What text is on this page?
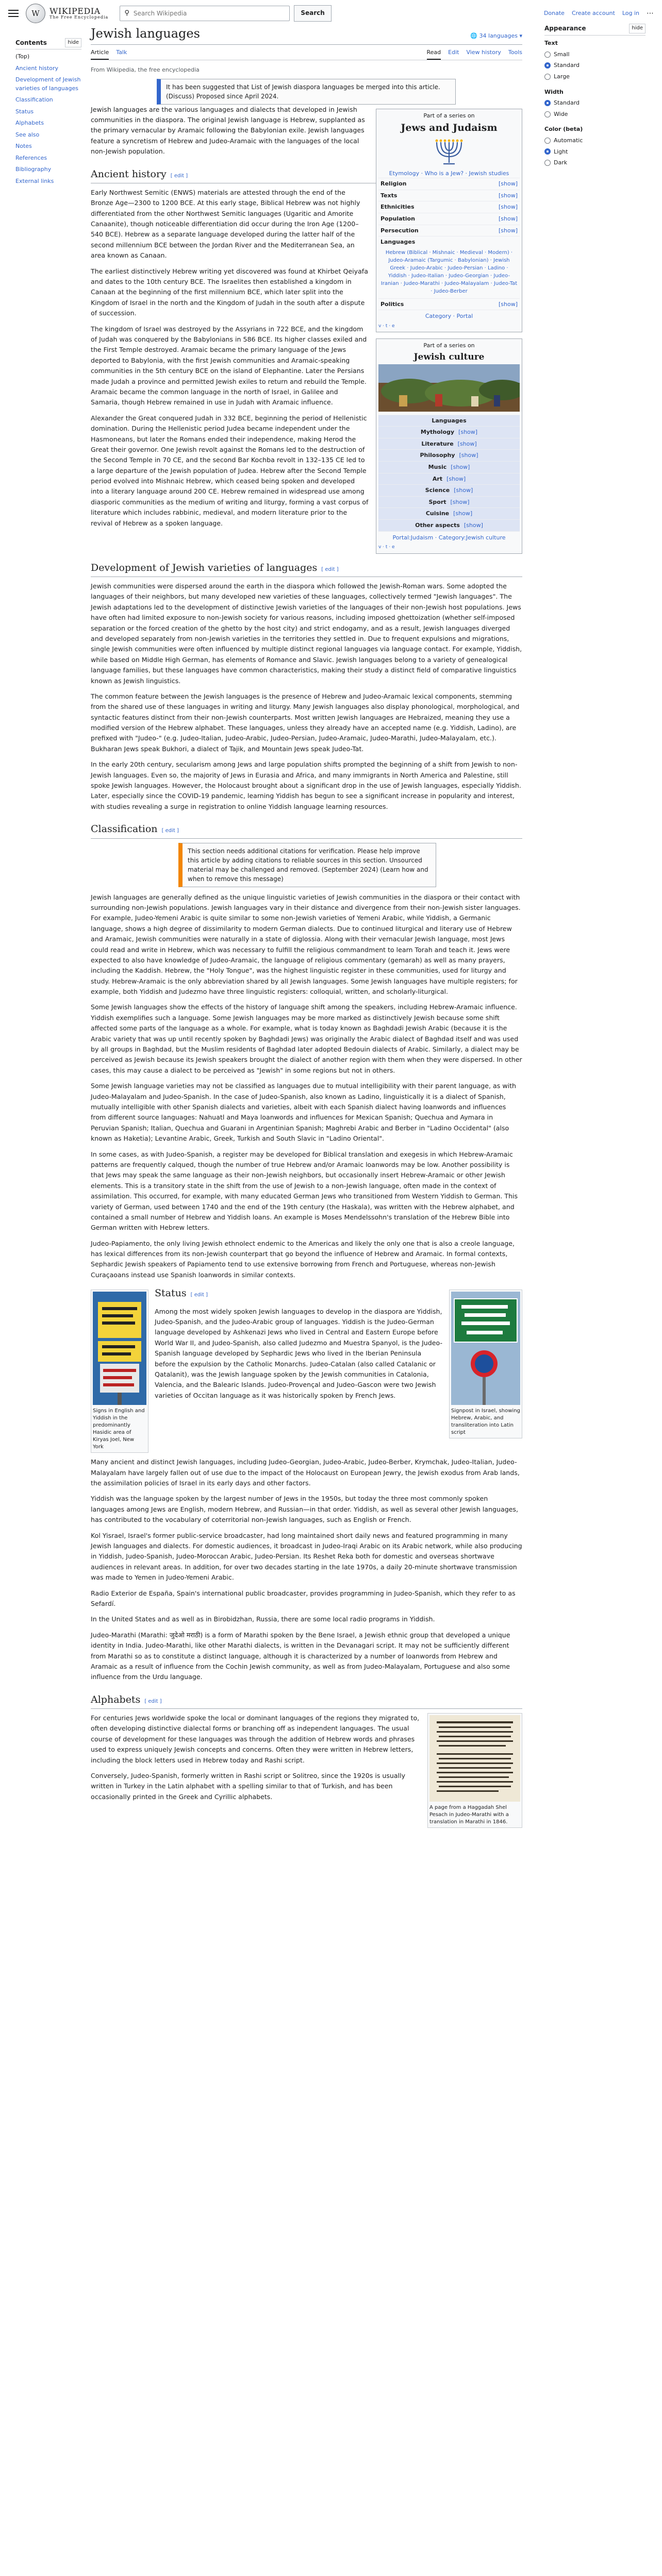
W	WIKIPEDIA
The Free Encyclopedia
⚲
Search Wikipedia	Search	Donate Create account Log in ⋯
Contents	hide
(Top)
Ancient history
Development of Jewish varieties of languages
Classification
Status
Alphabets
See also
Notes
References
Bibliography
External links
Jewish languages	🌐 34 languages ▾
Article Talk	Read Edit View history Tools
From Wikipedia, the free encyclopedia
It has been suggested that List of Jewish diaspora languages be merged into this article. (Discuss) Proposed since April 2024.
Part of a series on
Jews and Judaism
Etymology · Who is a Jew? · Jewish studies
Religion	[show]
Texts	[show]
Ethnicities	[show]
Population	[show]
Persecution	[show]
Languages
Hebrew (Biblical · Mishnaic · Medieval · Modern) · Judeo-Aramaic (Targumic · Babylonian) · Jewish Greek · Judeo-Arabic · Judeo-Persian · Ladino · Yiddish · Judeo-Italian · Judeo-Georgian · Judeo-Iranian · Judeo-Marathi · Judeo-Malayalam · Judeo-Tat · Judeo-Berber
Politics	[show]
Category · Portal
v · t · e

Jewish languages are the various languages and dialects that developed in Jewish communities in the diaspora. The original Jewish language is Hebrew, supplanted as the primary vernacular by Aramaic following the Babylonian exile. Jewish languages feature a syncretism of Hebrew and Judeo-Aramaic with the languages of the local non-Jewish population.

Ancient history [ edit ]
Part of a series on
Jewish culture
Languages
Mythology [show]
Literature [show]
Philosophy [show]
Music [show]
Art [show]
Science [show]
Sport [show]
Cuisine [show]
Other aspects [show]
Portal:Judaism · Category:Jewish culture
v · t · e

Early Northwest Semitic (ENWS) materials are attested through the end of the Bronze Age—2300 to 1200 BCE. At this early stage, Biblical Hebrew was not highly differentiated from the other Northwest Semitic languages (Ugaritic and Amorite Canaanite), though noticeable differentiation did occur during the Iron Age (1200–540 BCE). Hebrew as a separate language developed during the latter half of the second millennium BCE between the Jordan River and the Mediterranean Sea, an area known as Canaan.

The earliest distinctively Hebrew writing yet discovered was found at Khirbet Qeiyafa and dates to the 10th century BCE. The Israelites then established a kingdom in Canaan at the beginning of the first millennium BCE, which later split into the Kingdom of Israel in the north and the Kingdom of Judah in the south after a dispute of succession.

The kingdom of Israel was destroyed by the Assyrians in 722 BCE, and the kingdom of Judah was conquered by the Babylonians in 586 BCE. Its higher classes exiled and the First Temple destroyed. Aramaic became the primary language of the Jews deported to Babylonia, with the first Jewish communities and Aramaic-speaking communities in the 5th century BCE on the island of Elephantine. Later the Persians made Judah a province and permitted Jewish exiles to return and rebuild the Temple. Aramaic became the common language in the north of Israel, in Galilee and Samaria, though Hebrew remained in use in Judah with Aramaic influence.

Alexander the Great conquered Judah in 332 BCE, beginning the period of Hellenistic domination. During the Hellenistic period Judea became independent under the Hasmoneans, but later the Romans ended their independence, making Herod the Great their governor. One Jewish revolt against the Romans led to the destruction of the Second Temple in 70 CE, and the second Bar Kochba revolt in 132–135 CE led to a large departure of the Jewish population of Judea. Hebrew after the Second Temple period evolved into Mishnaic Hebrew, which ceased being spoken and developed into a literary language around 200 CE. Hebrew remained in widespread use among diasporic communities as the medium of writing and liturgy, forming a vast corpus of literature which includes rabbinic, medieval, and modern literature prior to the revival of Hebrew as a spoken language.

Development of Jewish varieties of languages [ edit ]

Jewish communities were dispersed around the earth in the diaspora which followed the Jewish-Roman wars. Some adopted the languages of their neighbors, but many developed new varieties of these languages, collectively termed "Jewish languages". The Jewish adaptations led to the development of distinctive Jewish varieties of the languages of their non-Jewish host populations. Jews have often had limited exposure to non-Jewish society for various reasons, including imposed ghettoization (whether self-imposed separation or the forced creation of the ghetto by the host city) and strict endogamy, and as a result, Jewish languages diverged and developed separately from non-Jewish varieties in the territories they settled in. Due to frequent expulsions and migrations, single Jewish communities were often influenced by multiple distinct regional languages via language contact. For example, Yiddish, while based on Middle High German, has elements of Romance and Slavic. Jewish languages belong to a variety of genealogical language families, but these languages have common characteristics, making their study a distinct field of comparative linguistics known as Jewish linguistics.

The common feature between the Jewish languages is the presence of Hebrew and Judeo-Aramaic lexical components, stemming from the shared use of these languages in writing and liturgy. Many Jewish languages also display phonological, morphological, and syntactic features distinct from their non-Jewish counterparts. Most written Jewish languages are Hebraized, meaning they use a modified version of the Hebrew alphabet. These languages, unless they already have an accepted name (e.g. Yiddish, Ladino), are prefixed with "Judeo-" (e.g. Judeo-Italian, Judeo-Arabic, Judeo-Persian, Judeo-Aramaic, Judeo-Marathi, Judeo-Malayalam, etc.). Bukharan Jews speak Bukhori, a dialect of Tajik, and Mountain Jews speak Judeo-Tat.

In the early 20th century, secularism among Jews and large population shifts prompted the beginning of a shift from Jewish to non-Jewish languages. Even so, the majority of Jews in Eurasia and Africa, and many immigrants in North America and Palestine, still spoke Jewish languages. However, the Holocaust brought about a significant drop in the use of Jewish languages, especially Yiddish. Later, especially since the COVID-19 pandemic, learning Yiddish has begun to see a significant increase in popularity and interest, with studies revealing a surge in registration to online Yiddish language learning resources.

Classification [ edit ]
This section needs additional citations for verification. Please help improve this article by adding citations to reliable sources in this section. Unsourced material may be challenged and removed. (September 2024) (Learn how and when to remove this message)

Jewish languages are generally defined as the unique linguistic varieties of Jewish communities in the diaspora or their contact with surrounding non-Jewish populations. Jewish languages vary in their distance and divergence from their non-Jewish sister languages. For example, Judeo-Yemeni Arabic is quite similar to some non-Jewish varieties of Yemeni Arabic, while Yiddish, a Germanic language, shows a high degree of dissimilarity to modern German dialects. Due to continued liturgical and literary use of Hebrew and Aramaic, Jewish communities were naturally in a state of diglossia. Along with their vernacular Jewish language, most Jews could read and write in Hebrew, which was necessary to fulfill the religious commandment to learn Torah and teach it. Jews were expected to also have knowledge of Judeo-Aramaic, the language of religious commentary (gemarah) as well as many prayers, including the Kaddish. Hebrew, the "Holy Tongue", was the highest linguistic register in these communities, used for liturgy and study. Hebrew-Aramaic is the only abbreviation shared by all Jewish languages. Some Jewish languages have multiple registers; for example, both Yiddish and Judezmo have three linguistic registers: colloquial, written, and scholarly-liturgical.

Some Jewish languages show the effects of the history of language shift among the speakers, including Hebrew-Aramaic influence. Yiddish exemplifies such a language. Some Jewish languages may be more marked as distinctively Jewish because some shift affected some parts of the language as a whole. For example, what is today known as Baghdadi Jewish Arabic (because it is the Arabic variety that was up until recently spoken by Baghdadi Jews) was originally the Arabic dialect of Baghdad itself and was used by all groups in Baghdad, but the Muslim residents of Baghdad later adopted Bedouin dialects of Arabic. Similarly, a dialect may be perceived as Jewish because its Jewish speakers brought the dialect of another region with them when they were dispersed. In other cases, this may cause a dialect to be perceived as "Jewish" in some regions but not in others.

Some Jewish language varieties may not be classified as languages due to mutual intelligibility with their parent language, as with Judeo-Malayalam and Judeo-Spanish. In the case of Judeo-Spanish, also known as Ladino, linguistically it is a dialect of Spanish, mutually intelligible with other Spanish dialects and varieties, albeit with each Spanish dialect having loanwords and influences from different source languages: Nahuatl and Maya loanwords and influences for Mexican Spanish; Quechua and Aymara in Peruvian Spanish; Italian, Quechua and Guarani in Argentinian Spanish; Maghrebi Arabic and Berber in "Ladino Occidental" (also known as Haketia); Levantine Arabic, Greek, Turkish and South Slavic in "Ladino Oriental".

In some cases, as with Judeo-Spanish, a register may be developed for Biblical translation and exegesis in which Hebrew-Aramaic patterns are frequently calqued, though the number of true Hebrew and/or Aramaic loanwords may be low. Another possibility is that Jews may speak the same language as their non-Jewish neighbors, but occasionally insert Hebrew-Aramaic or other Jewish elements. This is a transitory state in the shift from the use of Jewish to a non-Jewish language, often made in the context of assimilation. This occurred, for example, with many educated German Jews who transitioned from Western Yiddish to German. This variety of German, used between 1740 and the end of the 19th century (the Haskala), was written with the Hebrew alphabet, and contained a small number of Hebrew and Yiddish loans. An example is Moses Mendelssohn's translation of the Hebrew Bible into German written with Hebrew letters.

Judeo-Papiamento, the only living Jewish ethnolect endemic to the Americas and likely the only one that is also a creole language, has lexical differences from its non-Jewish counterpart that go beyond the influence of Hebrew and Aramaic. In formal contexts, Sephardic Jewish speakers of Papiamento tend to use extensive borrowing from French and Portuguese, whereas non-Jewish Curaçaoans instead use Spanish loanwords in similar contexts.

Signs in English and Yiddish in the predominantly Hasidic area of Kiryas Joel, New York
Signpost in Israel, showing Hebrew, Arabic, and transliteration into Latin script
Status [ edit ]

Among the most widely spoken Jewish languages to develop in the diaspora are Yiddish, Judeo-Spanish, and the Judeo-Arabic group of languages. Yiddish is the Judeo-German language developed by Ashkenazi Jews who lived in Central and Eastern Europe before World War II, and Judeo-Spanish, also called Judezmo and Muestra Spanyol, is the Judeo-Spanish language developed by Sephardic Jews who lived in the Iberian Peninsula before the expulsion by the Catholic Monarchs. Judeo-Catalan (also called Catalanic or Qatalanit), was the Jewish language spoken by the Jewish communities in Catalonia, Valencia, and the Balearic Islands. Judeo-Provençal and Judeo-Gascon were two Jewish varieties of Occitan language as it was historically spoken by French Jews.

Many ancient and distinct Jewish languages, including Judeo-Georgian, Judeo-Arabic, Judeo-Berber, Krymchak, Judeo-Italian, Judeo-Malayalam have largely fallen out of use due to the impact of the Holocaust on European Jewry, the Jewish exodus from Arab lands, the assimilation policies of Israel in its early days and other factors.

Yiddish was the language spoken by the largest number of Jews in the 1950s, but today the three most commonly spoken languages among Jews are English, modern Hebrew, and Russian—in that order. Yiddish, as well as several other Jewish languages, has contributed to the vocabulary of coterritorial non-Jewish languages, such as English or French.

Kol Yisrael, Israel's former public-service broadcaster, had long maintained short daily news and featured programming in many Jewish languages and dialects. For domestic audiences, it broadcast in Judeo-Iraqi Arabic on its Arabic network, while also producing in Yiddish, Judeo-Spanish, Judeo-Moroccan Arabic, Judeo-Persian. Its Reshet Reka both for domestic and overseas shortwave audiences in relevant areas. In addition, for over two decades starting in the late 1970s, a daily 20-minute shortwave transmission was made to Yemen in Judeo-Yemeni Arabic.

Radio Exterior de España, Spain's international public broadcaster, provides programming in Judeo-Spanish, which they refer to as Sefardí.

In the United States and as well as in Birobidzhan, Russia, there are some local radio programs in Yiddish.

Judeo-Marathi (Marathi: जुदेओ मराठी) is a form of Marathi spoken by the Bene Israel, a Jewish ethnic group that developed a unique identity in India. Judeo-Marathi, like other Marathi dialects, is written in the Devanagari script. It may not be sufficiently different from Marathi so as to constitute a distinct language, although it is characterized by a number of loanwords from Hebrew and Aramaic as a result of influence from the Cochin Jewish community, as well as from Judeo-Malayalam, Portuguese and also some influence from the Urdu language.

Alphabets [ edit ]
A page from a Haggadah Shel Pesach in Judeo-Marathi with a translation in Marathi in 1846.

For centuries Jews worldwide spoke the local or dominant languages of the regions they migrated to, often developing distinctive dialectal forms or branching off as independent languages. The usual course of development for these languages was through the addition of Hebrew words and phrases used to express uniquely Jewish concepts and concerns. Often they were written in Hebrew letters, including the block letters used in Hebrew today and Rashi script.

Conversely, Judeo-Spanish, formerly written in Rashi script or Solitreo, since the 1920s is usually written in Turkey in the Latin alphabet with a spelling similar to that of Turkish, and has been occasionally printed in the Greek and Cyrillic alphabets.

Appearance	hide
Text
Small
Standard
Large
Width
Standard
Wide
Color (beta)
Automatic
Light
Dark
